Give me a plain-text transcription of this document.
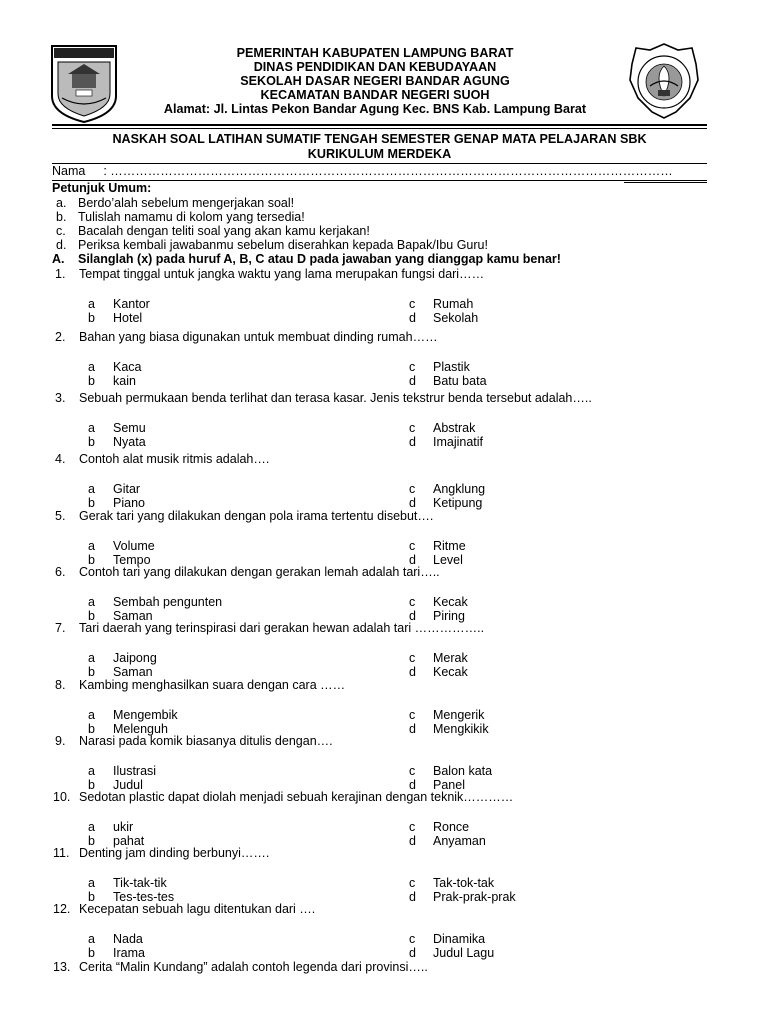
PEMERINTAH KABUPATEN LAMPUNG BARAT
DINAS PENDIDIKAN DAN KEBUDAYAAN
SEKOLAH DASAR NEGERI BANDAR AGUNG
KECAMATAN BANDAR NEGERI SUOH
Alamat: Jl. Lintas Pekon Bandar Agung Kec. BNS Kab. Lampung Barat
NASKAH SOAL LATIHAN SUMATIF TENGAH SEMESTER GENAP MATA PELAJARAN SBK
KURIKULUM MERDEKA
Nama : ………………………………………………………………………………………………………………………
Petunjuk Umum:
a. Berdo’alah sebelum mengerjakan soal!
b. Tulislah namamu di kolom yang tersedia!
c. Bacalah dengan teliti soal yang akan kamu kerjakan!
d. Periksa kembali jawabanmu sebelum diserahkan kepada Bapak/Ibu Guru!
A. Silanglah (x) pada huruf A, B, C atau D pada jawaban yang dianggap kamu benar!
1. Tempat tinggal untuk jangka waktu yang lama merupakan fungsi dari……
a Kantor
b Hotel
c Rumah
d Sekolah
2. Bahan yang biasa digunakan untuk membuat dinding rumah……
a Kaca
b kain
c Plastik
d Batu bata
3. Sebuah permukaan benda terlihat dan terasa kasar. Jenis tekstrur benda tersebut adalah…..
a Semu
b Nyata
c Abstrak
d Imajinatif
4. Contoh alat musik ritmis adalah….
a Gitar
b Piano
c Angklung
d Ketipung
5. Gerak tari yang dilakukan dengan pola irama tertentu disebut….
a Volume
b Tempo
c Ritme
d Level
6. Contoh tari yang dilakukan dengan gerakan lemah adalah tari…..
a Sembah pengunten
b Saman
c Kecak
d Piring
7. Tari daerah yang terinspirasi dari gerakan hewan adalah tari ……………..
a Jaipong
b Saman
c Merak
d Kecak
8. Kambing menghasilkan suara dengan cara ……
a Mengembik
b Melenguh
c Mengerik
d Mengkikik
9. Narasi pada komik biasanya ditulis dengan….
a Ilustrasi
b Judul
c Balon kata
d Panel
10. Sedotan plastic dapat diolah menjadi sebuah kerajinan dengan teknik…………
a ukir
b pahat
c Ronce
d Anyaman
11. Denting jam dinding berbunyi…….
a Tik-tak-tik
b Tes-tes-tes
c Tak-tok-tak
d Prak-prak-prak
12. Kecepatan sebuah lagu ditentukan dari ….
a Nada
b Irama
c Dinamika
d Judul Lagu
13. Cerita “Malin Kundang” adalah contoh legenda dari provinsi…..
